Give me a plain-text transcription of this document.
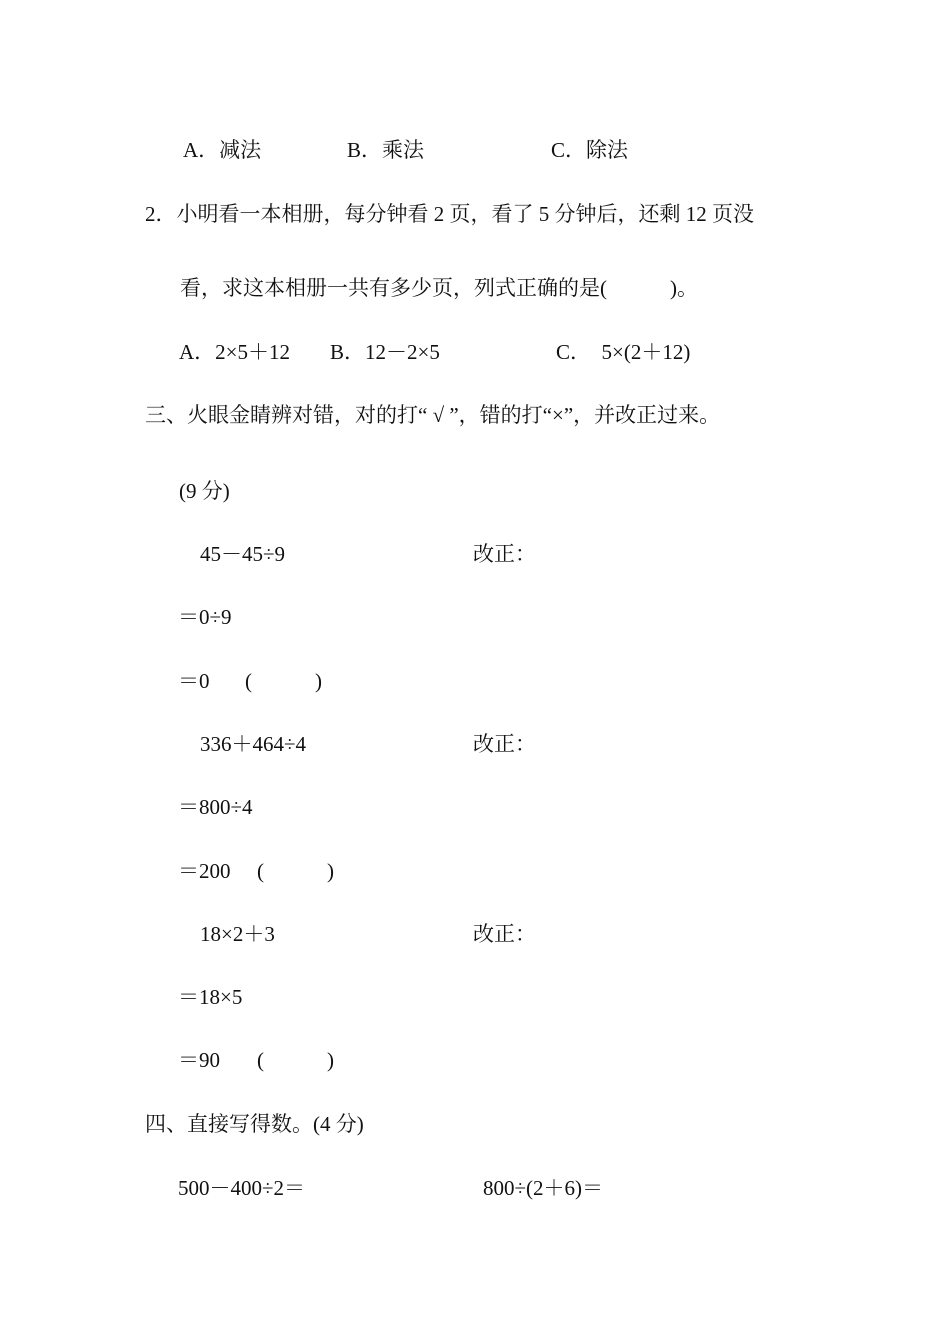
A．减法	B．乘法	C．除法
2．小明看一本相册，每分钟看 2 页，看了 5 分钟后，还剩 12 页没
看，求这本相册一共有多少页，列式正确的是(　　　)。
A．2×5＋12 B．12－2×5	C．　5×(2＋12)
三、火眼金睛辨对错，对的打“ √ ”，错的打“×”，并改正过来。
(9 分)
45－45÷9	改正：
＝0÷9
＝0 (　　　)
336＋464÷4	改正：
＝800÷4
＝200 (　　　)
18×2＋3	改正：
＝18×5
＝90 (　　　)
四、直接写得数。(4 分)
500－400÷2＝	800÷(2＋6)＝
